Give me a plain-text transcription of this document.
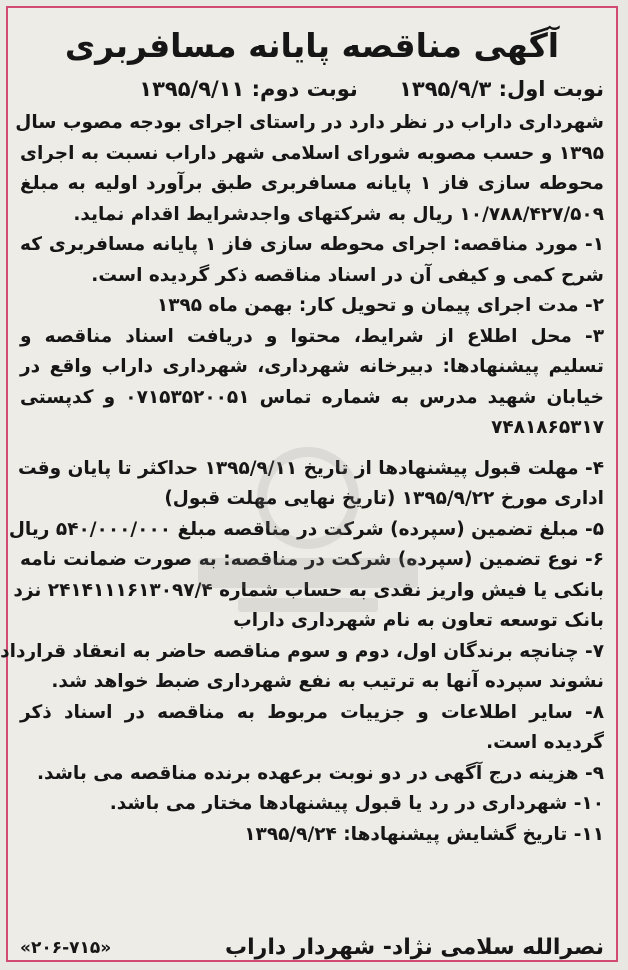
آگهی مناقصه پایانه مسافربری
نوبت اول: ۱۳۹۵/۹/۳ نوبت دوم: ۱۳۹۵/۹/۱۱
شهرداری داراب در نظر دارد در راستای اجرای بودجه مصوب سال
۱۳۹۵ و حسب مصوبه شورای اسلامی شهر داراب نسبت به اجرای
محوطه سازی فاز ۱ پایانه مسافربری طبق برآورد اولیه به مبلغ
۱۰/۷۸۸/۴۲۷/۵۰۹ ریال به شرکتهای واجدشرایط اقدام نماید.
۱- مورد مناقصه: اجرای محوطه سازی فاز ۱ پایانه مسافربری که
شرح کمی و کیفی آن در اسناد مناقصه ذکر گردیده است.
۲- مدت اجرای پیمان و تحویل کار: بهمن ماه ۱۳۹۵
۳- محل اطلاع از شرایط، محتوا و دریافت اسناد مناقصه و
تسلیم پیشنهادها: دبیرخانه شهرداری، شهرداری داراب واقع در
خیابان شهید مدرس به شماره تماس ۰۷۱۵۳۵۲۰۰۵۱ و کدپستی
۷۴۸۱۸۶۵۳۱۷
۴- مهلت قبول پیشنهادها از تاریخ ۱۳۹۵/۹/۱۱ حداکثر تا پایان وقت
اداری مورخ ۱۳۹۵/۹/۲۲ (تاریخ نهایی مهلت قبول)
۵- مبلغ تضمین (سپرده) شرکت در مناقصه مبلغ ۵۴۰/۰۰۰/۰۰۰ ریال
۶- نوع تضمین (سپرده) شرکت در مناقصه: به صورت ضمانت نامه
بانکی یا فیش واریز نقدی به حساب شماره ۲۴۱۴۱۱۱۶۱۳۰۹۷/۴ نزد
بانک توسعه تعاون به نام شهرداری داراب
۷- چنانچه برندگان اول، دوم و سوم مناقصه حاضر به انعقاد قرارداد
نشوند سپرده آنها به ترتیب به نفع شهرداری ضبط خواهد شد.
۸- سایر اطلاعات و جزییات مربوط به مناقصه در اسناد ذکر
گردیده است.
۹- هزینه درج آگهی در دو نوبت برعهده برنده مناقصه می باشد.
۱۰- شهرداری در رد یا قبول پیشنهادها مختار می باشد.
۱۱- تاریخ گشایش پیشنهادها: ۱۳۹۵/۹/۲۴
نصرالله سلامی نژاد- شهردار داراب
«۲۰۶-۷۱۵»
